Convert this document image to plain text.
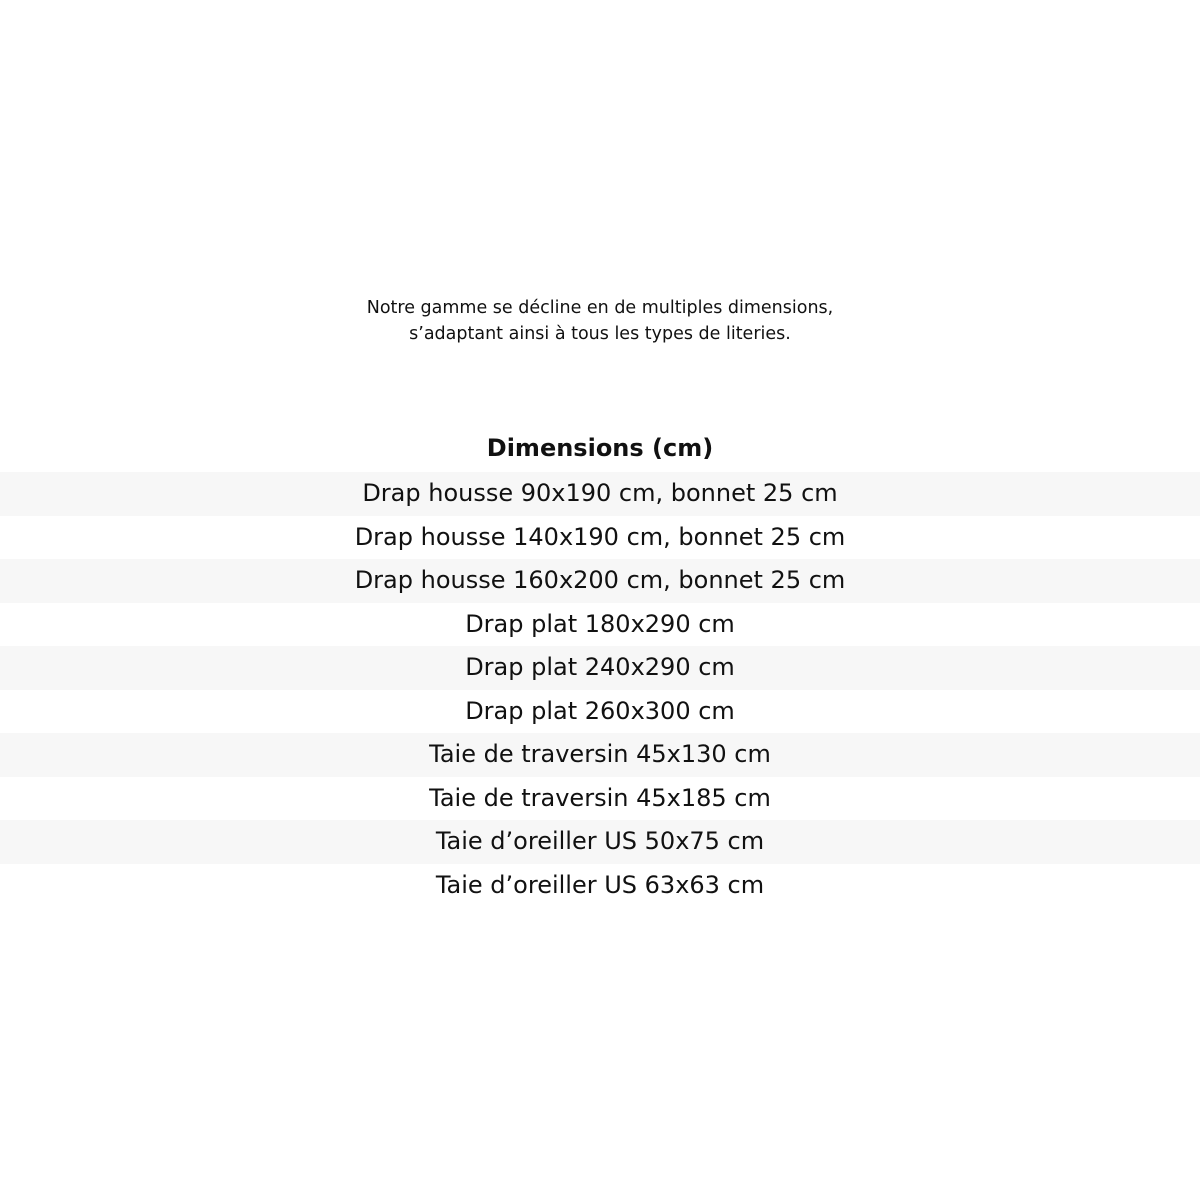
Notre gamme se décline en de multiples dimensions,
s’adaptant ainsi à tous les types de literies.
Dimensions (cm)
Drap housse 90x190 cm, bonnet 25 cm
Drap housse 140x190 cm, bonnet 25 cm
Drap housse 160x200 cm, bonnet 25 cm
Drap plat 180x290 cm
Drap plat 240x290 cm
Drap plat 260x300 cm
Taie de traversin 45x130 cm
Taie de traversin 45x185 cm
Taie d’oreiller US 50x75 cm
Taie d’oreiller US 63x63 cm
